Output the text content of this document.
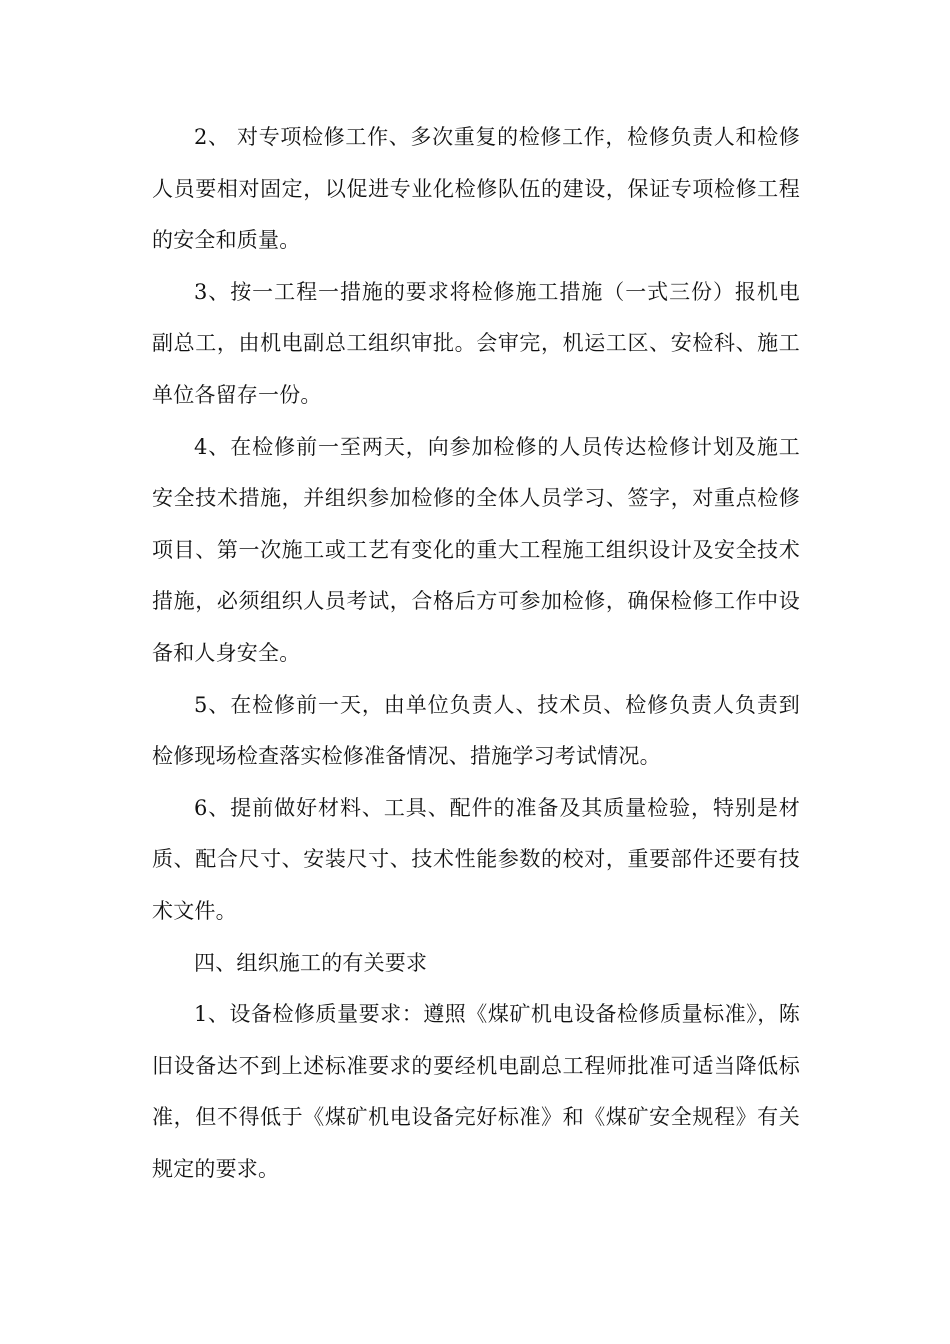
2、 对专项检修工作、多次重复的检修工作，检修负责人和检修人员要相对固定，以促进专业化检修队伍的建设，保证专项检修工程的安全和质量。

3、按一工程一措施的要求将检修施工措施（一式三份）报机电副总工，由机电副总工组织审批。会审完，机运工区、安检科、施工单位各留存一份。

4、在检修前一至两天，向参加检修的人员传达检修计划及施工安全技术措施，并组织参加检修的全体人员学习、签字，对重点检修项目、第一次施工或工艺有变化的重大工程施工组织设计及安全技术措施，必须组织人员考试，合格后方可参加检修，确保检修工作中设备和人身安全。

5、在检修前一天，由单位负责人、技术员、检修负责人负责到检修现场检查落实检修准备情况、措施学习考试情况。

6、提前做好材料、工具、配件的准备及其质量检验，特别是材质、配合尺寸、安装尺寸、技术性能参数的校对，重要部件还要有技术文件。

四、组织施工的有关要求

1、设备检修质量要求：遵照《煤矿机电设备检修质量标准》，陈旧设备达不到上述标准要求的要经机电副总工程师批准可适当降低标准，但不得低于《煤矿机电设备完好标准》和《煤矿安全规程》有关规定的要求。
